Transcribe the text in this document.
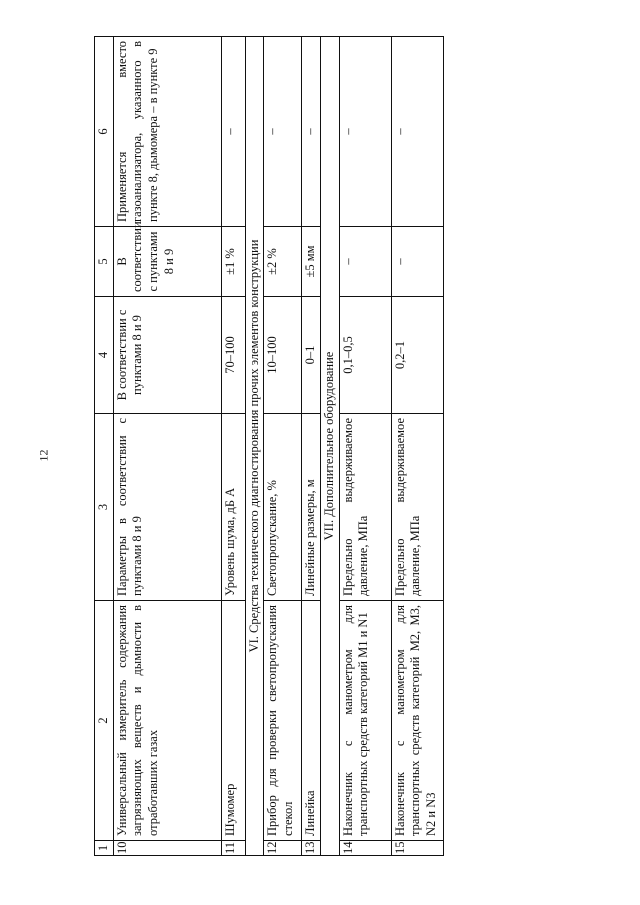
12
1	2	3	4	5	6
10	Универсальный измеритель содержания загрязняющих веществ и дымности в отработавших газах	Параметры в соответствии с пунктами 8 и 9	В соответствии с пунктами 8 и 9	В соответствии с пунктами 8 и 9	Применяется вместо газоанализатора, указанного в пункте 8, дымомера – в пункте 9
11	Шумомер	Уровень шума, дБ А	70–100	±1 %	–
VI. Средства технического диагностирования прочих элементов конструкции					
12	Прибор для проверки светопропускания стекол	Светопропускание, %	10–100	±2 %	–
13	Линейка	Линейные размеры, м	0–1	±5 мм	–
VII. Дополнительное оборудование					
14	Наконечник с манометром для транспортных средств категорий М1 и N1	Предельно выдерживаемое давление, МПа	0,1–0,5	–	–
15	Наконечник с манометром для транспортных средств категорий М2, М3, N2 и N3	Предельно выдерживаемое давление, МПа	0,2–1	–	–
